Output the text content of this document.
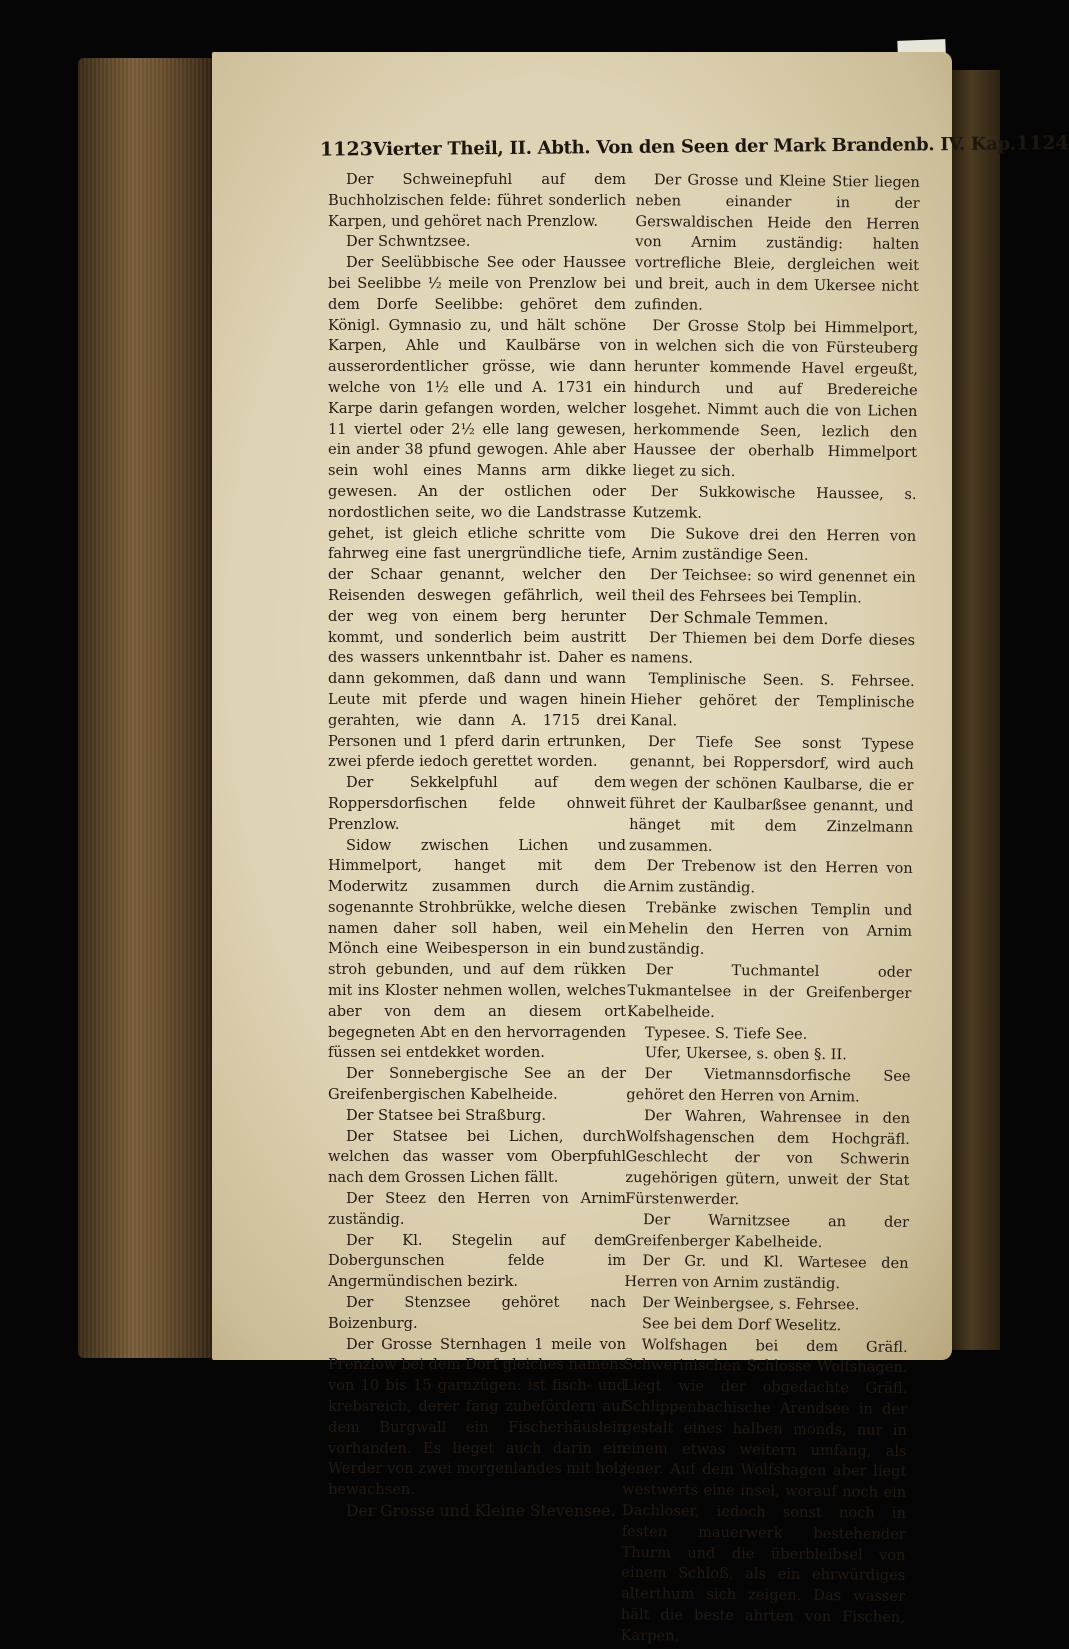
1123 Vierter Theil, II. Abth. Von den Seen der Mark Brandenb. IV. Kap. 1124

Der Schweinepfuhl auf dem Buchholzischen felde: führet sonderlich Karpen, und gehöret nach Prenzlow.

Der Schwntzsee.

Der Seelübbische See oder Haussee bei Seelibbe ½ meile von Prenzlow bei dem Dorfe Seelibbe: gehöret dem Königl. Gymnasio zu, und hält schöne Karpen, Ahle und Kaulbärse von ausserordentlicher grösse, wie dann welche von 1½ elle und A. 1731 ein Karpe darin gefangen worden, welcher 11 viertel oder 2½ elle lang gewesen, ein ander 38 pfund gewogen. Ahle aber sein wohl eines Manns arm dikke gewesen. An der ostlichen oder nordostlichen seite, wo die Landstrasse gehet, ist gleich etliche schritte vom fahrweg eine fast unergründliche tiefe, der Schaar genannt, welcher den Reisenden deswegen gefährlich, weil der weg von einem berg herunter kommt, und sonderlich beim austritt des wassers unkenntbahr ist. Daher es dann gekommen, daß dann und wann Leute mit pferde und wagen hinein gerahten, wie dann A. 1715 drei Personen und 1 pferd darin ertrunken, zwei pferde iedoch gerettet worden.

Der Sekkelpfuhl auf dem Roppersdorfischen felde ohnweit Prenzlow.

Sidow zwischen Lichen und Himmelport, hanget mit dem Moderwitz zusammen durch die sogenannte Strohbrükke, welche diesen namen daher soll haben, weil ein Mönch eine Weibesperson in ein bund stroh gebunden, und auf dem rükken mit ins Kloster nehmen wollen, welches aber von dem an diesem ort begegneten Abt en den hervorragenden füssen sei entdekket worden.

Der Sonnebergische See an der Greifenbergischen Kabelheide.

Der Statsee bei Straßburg.

Der Statsee bei Lichen, durch welchen das wasser vom Oberpfuhl nach dem Grossen Lichen fällt.

Der Steez den Herren von Arnim zuständig.

Der Kl. Stegelin auf dem Dobergunschen felde im Angermündischen bezirk.

Der Stenzsee gehöret nach Boizenburg.

Der Grosse Sternhagen 1 meile von Prenzlow bei dem Dorf gleiches namens von 10 bis 15 garnzügen: ist fisch- und krebsreich, derer fang zubefördern auf dem Burgwall ein Fischerhäuslein vorhanden. Es lieget auch darin ein Werder von zwei morgenlandes mit holz bewachsen.

Der Grosse und Kleine Stevensee.

Der Grosse und Kleine Stier liegen neben einander in der Gerswaldischen Heide den Herren von Arnim zuständig: halten vortrefliche Bleie, dergleichen weit und breit, auch in dem Ukersee nicht zufinden.

Der Grosse Stolp bei Himmelport, in welchen sich die von Fürsteuberg herunter kommende Havel ergeußt, hindurch und auf Bredereiche losgehet. Nimmt auch die von Lichen herkommende Seen, lezlich den Haussee der oberhalb Himmelport lieget zu sich.

Der Sukkowische Haussee, s. Kutzemk.

Die Sukove drei den Herren von Arnim zuständige Seen.

Der Teichsee: so wird genennet ein theil des Fehrsees bei Templin.

Der Schmale Temmen.

Der Thiemen bei dem Dorfe dieses namens.

Templinische Seen. S. Fehrsee. Hieher gehöret der Templinische Kanal.

Der Tiefe See sonst Typese genannt, bei Roppersdorf, wird auch wegen der schönen Kaulbarse, die er führet der Kaulbarßsee genannt, und hänget mit dem Zinzelmann zusammen.

Der Trebenow ist den Herren von Arnim zuständig.

Trebänke zwischen Templin und Mehelin den Herren von Arnim zuständig.

Der Tuchmantel oder Tukmantelsee in der Greifenberger Kabelheide.

Typesee. S. Tiefe See.

Ufer, Ukersee, s. oben §. II.

Der Vietmannsdorfische See gehöret den Herren von Arnim.

Der Wahren, Wahrensee in den Wolfshagenschen dem Hochgräfl. Geschlecht der von Schwerin zugehörigen gütern, unweit der Stat Fürstenwerder.

Der Warnitzsee an der Greifenberger Kabelheide.

Der Gr. und Kl. Wartesee den Herren von Arnim zuständig.

Der Weinbergsee, s. Fehrsee.

See bei dem Dorf Weselitz.

Wolfshagen bei dem Gräfl. Schwerinischen Schlosse Wolfshagen. Liegt wie der obgedachte Gräfl. Schlippenbachische Arendsee in der gestalt eines halben monds, nur in einem etwas weitern umfang, als jener. Auf dem Wolfshagen aber liegt westwerts eine insel, worauf noch ein Dachloser, iedoch sonst noch in festen mauerwerk bestehender Thurm und die überbleibsel von einem Schloß, als ein ehrwürdiges alterthum sich zeigen. Das wasser hält die beste ahrten von Fischen, Karpen,
